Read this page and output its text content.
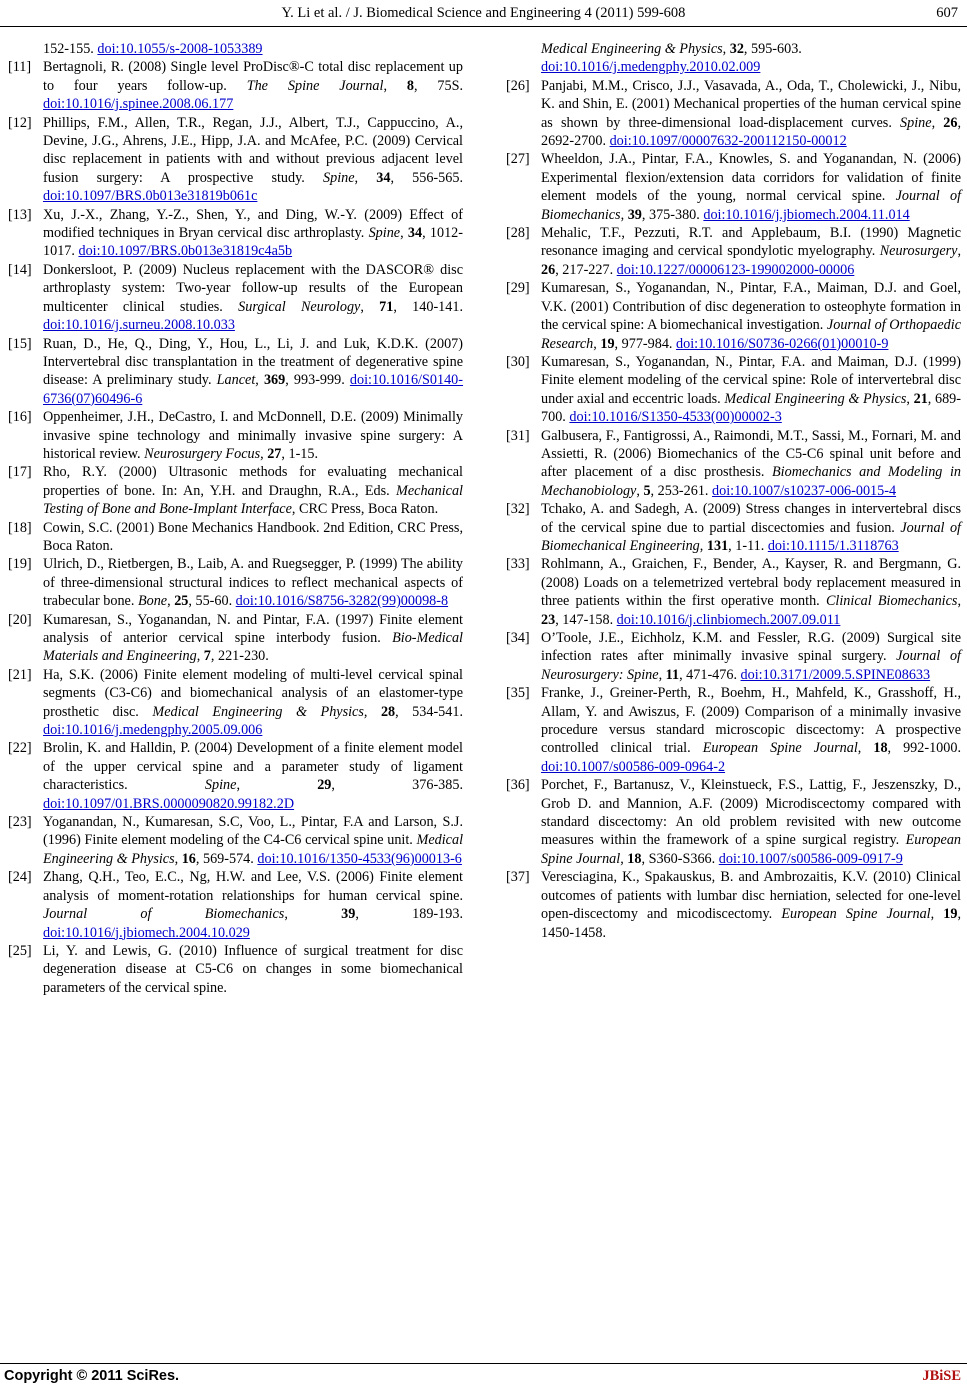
Y. Li et al. / J. Biomedical Science and Engineering 4 (2011) 599-608	607
152-155. doi:10.1055/s-2008-1053389
[11] Bertagnoli, R. (2008) Single level ProDisc®-C total disc replacement up to four years follow-up. The Spine Journal, 8, 75S. doi:10.1016/j.spinee.2008.06.177
[12] Phillips, F.M., Allen, T.R., Regan, J.J., Albert, T.J., Cappuccino, A., Devine, J.G., Ahrens, J.E., Hipp, J.A. and McAfee, P.C. (2009) Cervical disc replacement in patients with and without previous adjacent level fusion surgery: A prospective study. Spine, 34, 556-565. doi:10.1097/BRS.0b013e31819b061c
[13] Xu, J.-X., Zhang, Y.-Z., Shen, Y., and Ding, W.-Y. (2009) Effect of modified techniques in Bryan cervical disc arthroplasty. Spine, 34, 1012-1017. doi:10.1097/BRS.0b013e31819c4a5b
[14] Donkersloot, P. (2009) Nucleus replacement with the DASCOR® disc arthroplasty system: Two-year follow-up results of the European multicenter clinical studies. Surgical Neurology, 71, 140-141. doi:10.1016/j.surneu.2008.10.033
[15] Ruan, D., He, Q., Ding, Y., Hou, L., Li, J. and Luk, K.D.K. (2007) Intervertebral disc transplantation in the treatment of degenerative spine disease: A preliminary study. Lancet, 369, 993-999. doi:10.1016/S0140-6736(07)60496-6
[16] Oppenheimer, J.H., DeCastro, I. and McDonnell, D.E. (2009) Minimally invasive spine technology and minimally invasive spine surgery: A historical review. Neurosurgery Focus, 27, 1-15.
[17] Rho, R.Y. (2000) Ultrasonic methods for evaluating mechanical properties of bone. In: An, Y.H. and Draughn, R.A., Eds. Mechanical Testing of Bone and Bone-Implant Interface, CRC Press, Boca Raton.
[18] Cowin, S.C. (2001) Bone Mechanics Handbook. 2nd Edition, CRC Press, Boca Raton.
[19] Ulrich, D., Rietbergen, B., Laib, A. and Ruegsegger, P. (1999) The ability of three-dimensional structural indices to reflect mechanical aspects of trabecular bone. Bone, 25, 55-60. doi:10.1016/S8756-3282(99)00098-8
[20] Kumaresan, S., Yoganandan, N. and Pintar, F.A. (1997) Finite element analysis of anterior cervical spine interbody fusion. Bio-Medical Materials and Engineering, 7, 221-230.
[21] Ha, S.K. (2006) Finite element modeling of multi-level cervical spinal segments (C3-C6) and biomechanical analysis of an elastomer-type prosthetic disc. Medical Engineering & Physics, 28, 534-541. doi:10.1016/j.medengphy.2005.09.006
[22] Brolin, K. and Halldin, P. (2004) Development of a finite element model of the upper cervical spine and a parameter study of ligament characteristics.	Spine, 29, 376-385. doi:10.1097/01.BRS.0000090820.99182.2D
[23] Yoganandan, N., Kumaresan, S.C, Voo, L., Pintar, F.A and Larson, S.J. (1996) Finite element modeling of the C4-C6 cervical spine unit. Medical Engineering & Physics, 16, 569-574. doi:10.1016/1350-4533(96)00013-6
[24] Zhang, Q.H., Teo, E.C., Ng, H.W. and Lee, V.S. (2006) Finite element analysis of moment-rotation relationships for human cervical spine. Journal of Biomechanics, 39, 189-193. doi:10.1016/j.jbiomech.2004.10.029
[25] Li, Y. and Lewis, G. (2010) Influence of surgical treatment for disc degeneration disease at C5-C6 on changes in some biomechanical parameters of the cervical spine.
Medical Engineering & Physics, 32, 595-603.
doi:10.1016/j.medengphy.2010.02.009
[26] Panjabi, M.M., Crisco, J.J., Vasavada, A., Oda, T., Cholewicki, J., Nibu, K. and Shin, E. (2001) Mechanical properties of the human cervical spine as shown by three-dimensional load-displacement curves. Spine, 26, 2692-2700. doi:10.1097/00007632-200112150-00012
[27] Wheeldon, J.A., Pintar, F.A., Knowles, S. and Yoganandan, N. (2006) Experimental flexion/extension data corridors for validation of finite element models of the young, normal cervical spine. Journal of Biomechanics, 39, 375-380. doi:10.1016/j.jbiomech.2004.11.014
[28] Mehalic, T.F., Pezzuti, R.T. and Applebaum, B.I. (1990) Magnetic resonance imaging and cervical spondylotic myelography. Neurosurgery, 26, 217-227. doi:10.1227/00006123-199002000-00006
[29] Kumaresan, S., Yoganandan, N., Pintar, F.A., Maiman, D.J. and Goel, V.K. (2001) Contribution of disc degeneration to osteophyte formation in the cervical spine: A biomechanical investigation. Journal of Orthopaedic Research, 19, 977-984. doi:10.1016/S0736-0266(01)00010-9
[30] Kumaresan, S., Yoganandan, N., Pintar, F.A. and Maiman, D.J. (1999) Finite element modeling of the cervical spine: Role of intervertebral disc under axial and eccentric loads. Medical Engineering & Physics, 21, 689-700. doi:10.1016/S1350-4533(00)00002-3
[31] Galbusera, F., Fantigrossi, A., Raimondi, M.T., Sassi, M., Fornari, M. and Assietti, R. (2006) Biomechanics of the C5-C6 spinal unit before and after placement of a disc prosthesis. Biomechanics and Modeling in Mechanobiology, 5, 253-261. doi:10.1007/s10237-006-0015-4
[32] Tchako, A. and Sadegh, A. (2009) Stress changes in intervertebral discs of the cervical spine due to partial discectomies and fusion. Journal of Biomechanical Engineering, 131, 1-11. doi:10.1115/1.3118763
[33] Rohlmann, A., Graichen, F., Bender, A., Kayser, R. and Bergmann, G. (2008) Loads on a telemetrized vertebral body replacement measured in three patients within the first operative month. Clinical Biomechanics, 23, 147-158. doi:10.1016/j.clinbiomech.2007.09.011
[34] O’Toole, J.E., Eichholz, K.M. and Fessler, R.G. (2009) Surgical site infection rates after minimally invasive spinal surgery. Journal of Neurosurgery: Spine, 11, 471-476. doi:10.3171/2009.5.SPINE08633
[35] Franke, J., Greiner-Perth, R., Boehm, H., Mahfeld, K., Grasshoff, H., Allam, Y. and Awiszus, F. (2009) Comparison of a minimally invasive procedure versus standard microscopic discectomy: A prospective controlled clinical trial. European Spine Journal, 18, 992-1000. doi:10.1007/s00586-009-0964-2
[36] Porchet, F., Bartanusz, V., Kleinstueck, F.S., Lattig, F., Jeszenszky, D., Grob D. and Mannion, A.F. (2009) Microdiscectomy compared with standard discectomy: An old problem revisited with new outcome measures within the framework of a spine surgical registry. European Spine Journal, 18, S360-S366. doi:10.1007/s00586-009-0917-9
[37] Veresciagina, K., Spakauskus, B. and Ambrozaitis, K.V. (2010) Clinical outcomes of patients with lumbar disc herniation, selected for one-level open-discectomy and micodiscectomy. European Spine Journal, 19, 1450-1458.
Copyright © 2011 SciRes.	JBiSE
